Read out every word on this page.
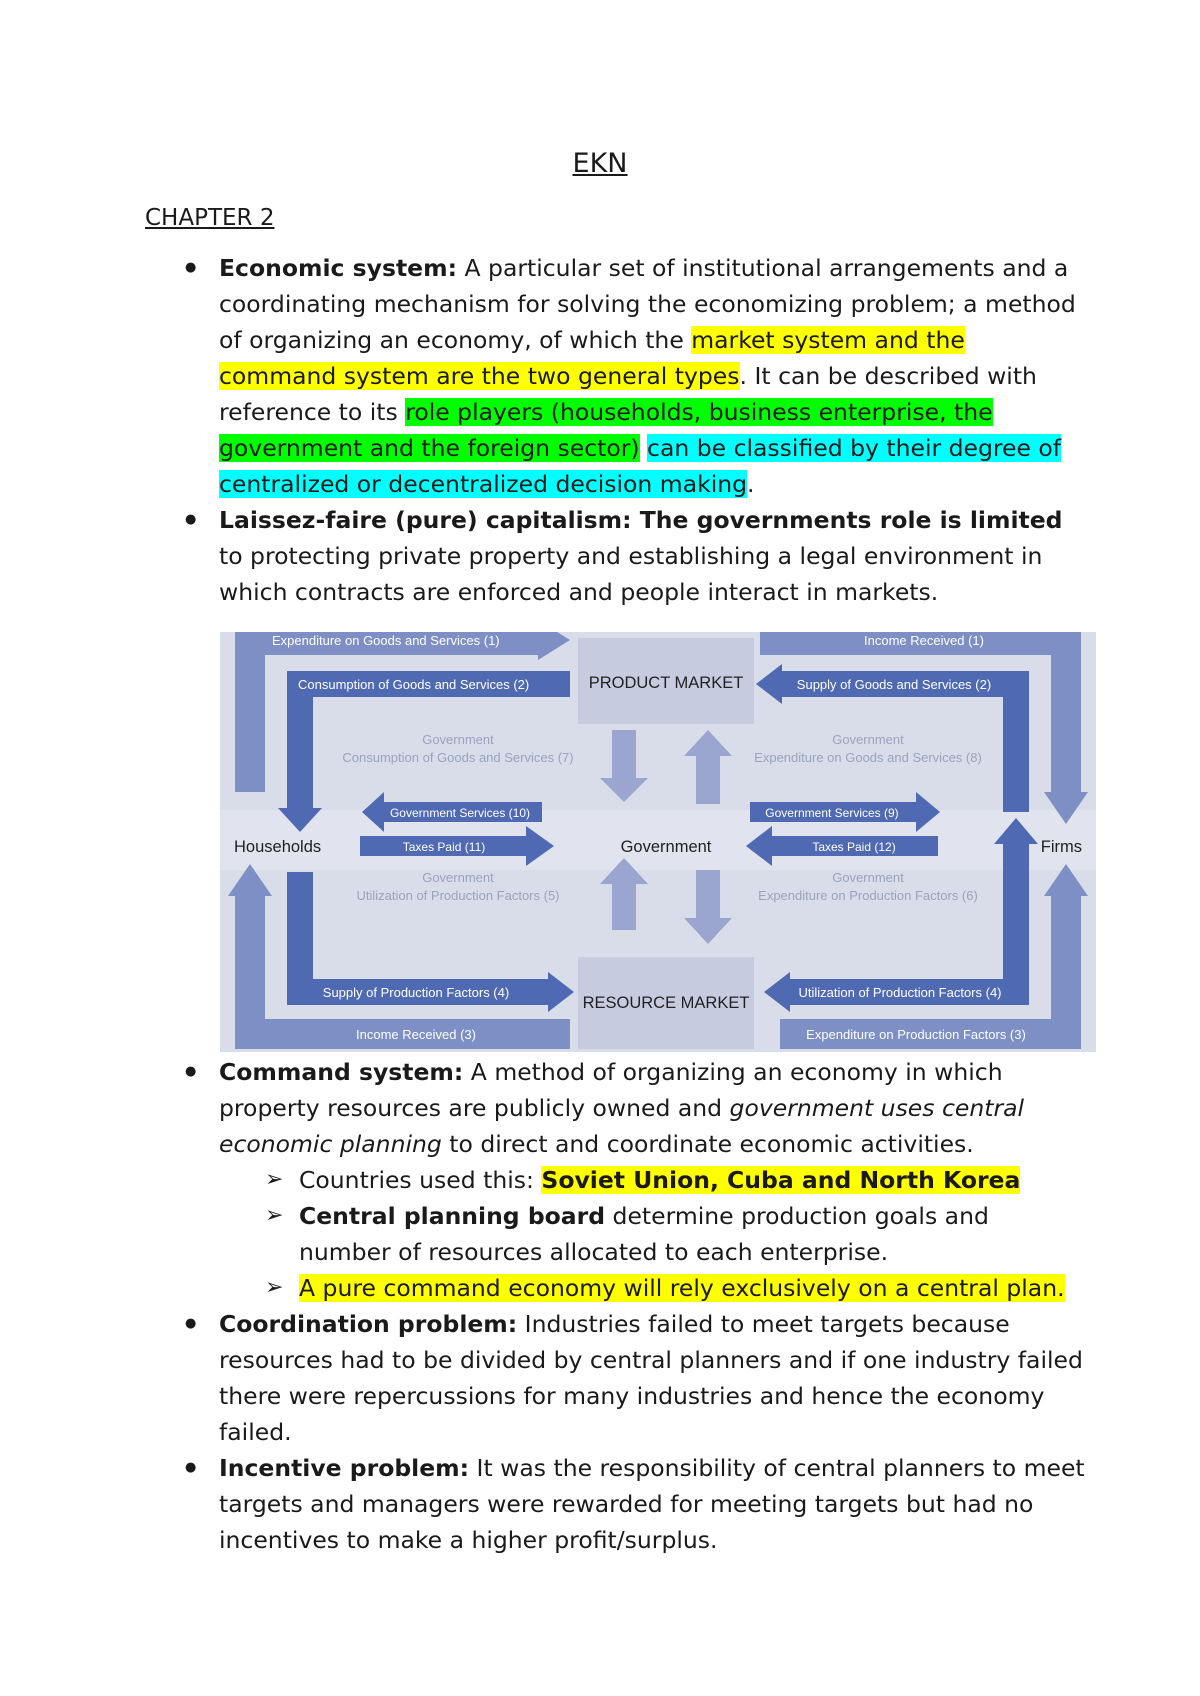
EKN
CHAPTER 2
● Economic system: A particular set of institutional arrangements and a coordinating mechanism for solving the economizing problem; a method of organizing an economy, of which the market system and the command system are the two general types. It can be described with reference to its role players (households, business enterprise, the government and the foreign sector) can be classified by their degree of centralized or decentralized decision making.
● Laissez-faire (pure) capitalism: The governments role is limited to protecting private property and establishing a legal environment in which contracts are enforced and people interact in markets.
PRODUCT MARKET
RESOURCE MARKET
Households	Government	Firms
Expenditure on Goods and Services (1)
Consumption of Goods and Services (2)
Income Received (1)
Supply of Goods and Services (2)
Government
Consumption of Goods and Services (7)
Government
Expenditure on Goods and Services (8)
Government Services (10)
Taxes Paid (11)
Government Services (9)
Taxes Paid (12)
Government
Utilization of Production Factors (5)
Government
Expenditure on Production Factors (6)
Supply of Production Factors (4)
Income Received (3)
Utilization of Production Factors (4)
Expenditure on Production Factors (3)
● Command system: A method of organizing an economy in which property resources are publicly owned and government uses central economic planning to direct and coordinate economic activities.
➢ Countries used this: Soviet Union, Cuba and North Korea
➢ Central planning board determine production goals and number of resources allocated to each enterprise.
➢ A pure command economy will rely exclusively on a central plan.
● Coordination problem: Industries failed to meet targets because resources had to be divided by central planners and if one industry failed there were repercussions for many industries and hence the economy failed.
● Incentive problem: It was the responsibility of central planners to meet targets and managers were rewarded for meeting targets but had no incentives to make a higher profit/surplus.
